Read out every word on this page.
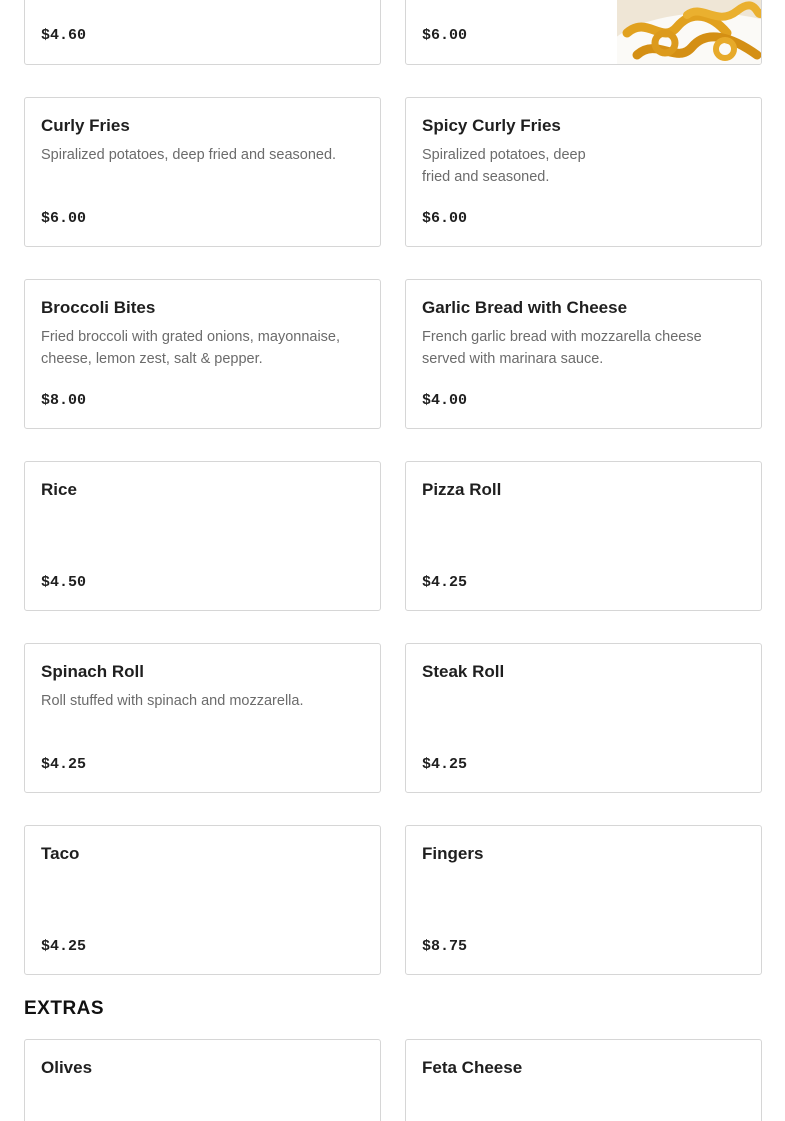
$4.60	$6.00
Curly Fries
Spiralized potatoes, deep fried and seasoned.
$6.00
Spicy Curly Fries
Spiralized potatoes, deep fried and seasoned.
$6.00
Broccoli Bites
Fried broccoli with grated onions, mayonnaise, cheese, lemon zest, salt & pepper.
$8.00
Garlic Bread with Cheese
French garlic bread with mozzarella cheese served with marinara sauce.
$4.00
Rice
$4.50
Pizza Roll
$4.25
Spinach Roll
Roll stuffed with spinach and mozzarella.
$4.25
Steak Roll
$4.25
Taco
$4.25
Fingers
$8.75
EXTRAS
Olives	Feta Cheese
